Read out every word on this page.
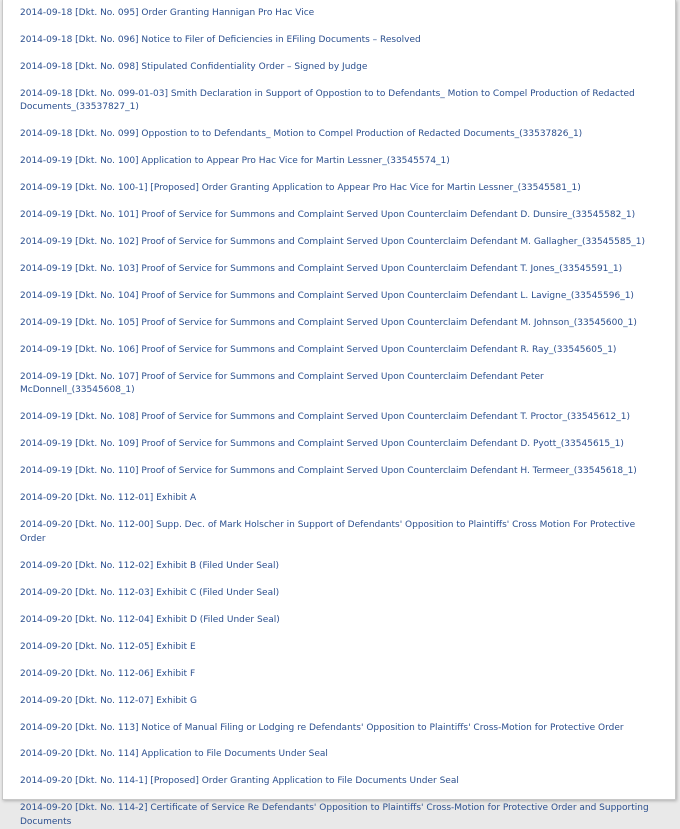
2014-09-18 [Dkt. No. 095] Order Granting Hannigan Pro Hac Vice
2014-09-18 [Dkt. No. 096] Notice to Filer of Deficiencies in EFiling Documents – Resolved
2014-09-18 [Dkt. No. 098] Stipulated Confidentiality Order – Signed by Judge
2014-09-18 [Dkt. No. 099-01-03] Smith Declaration in Support of Oppostion to to Defendants_ Motion to Compel Production of Redacted Documents_(33537827_1)
2014-09-18 [Dkt. No. 099] Oppostion to to Defendants_ Motion to Compel Production of Redacted Documents_(33537826_1)
2014-09-19 [Dkt. No. 100] Application to Appear Pro Hac Vice for Martin Lessner_(33545574_1)
2014-09-19 [Dkt. No. 100-1] [Proposed] Order Granting Application to Appear Pro Hac Vice for Martin Lessner_(33545581_1)
2014-09-19 [Dkt. No. 101] Proof of Service for Summons and Complaint Served Upon Counterclaim Defendant D. Dunsire_(33545582_1)
2014-09-19 [Dkt. No. 102] Proof of Service for Summons and Complaint Served Upon Counterclaim Defendant M. Gallagher_(33545585_1)
2014-09-19 [Dkt. No. 103] Proof of Service for Summons and Complaint Served Upon Counterclaim Defendant T. Jones_(33545591_1)
2014-09-19 [Dkt. No. 104] Proof of Service for Summons and Complaint Served Upon Counterclaim Defendant L. Lavigne_(33545596_1)
2014-09-19 [Dkt. No. 105] Proof of Service for Summons and Complaint Served Upon Counterclaim Defendant M. Johnson_(33545600_1)
2014-09-19 [Dkt. No. 106] Proof of Service for Summons and Complaint Served Upon Counterclaim Defendant R. Ray_(33545605_1)
2014-09-19 [Dkt. No. 107] Proof of Service for Summons and Complaint Served Upon Counterclaim Defendant Peter McDonnell_(33545608_1)
2014-09-19 [Dkt. No. 108] Proof of Service for Summons and Complaint Served Upon Counterclaim Defendant T. Proctor_(33545612_1)
2014-09-19 [Dkt. No. 109] Proof of Service for Summons and Complaint Served Upon Counterclaim Defendant D. Pyott_(33545615_1)
2014-09-19 [Dkt. No. 110] Proof of Service for Summons and Complaint Served Upon Counterclaim Defendant H. Termeer_(33545618_1)
2014-09-20 [Dkt. No. 112-01] Exhibit A
2014-09-20 [Dkt. No. 112-00] Supp. Dec. of Mark Holscher in Support of Defendants' Opposition to Plaintiffs' Cross Motion For Protective Order
2014-09-20 [Dkt. No. 112-02] Exhibit B (Filed Under Seal)
2014-09-20 [Dkt. No. 112-03] Exhibit C (Filed Under Seal)
2014-09-20 [Dkt. No. 112-04] Exhibit D (Filed Under Seal)
2014-09-20 [Dkt. No. 112-05] Exhibit E
2014-09-20 [Dkt. No. 112-06] Exhibit F
2014-09-20 [Dkt. No. 112-07] Exhibit G
2014-09-20 [Dkt. No. 113] Notice of Manual Filing or Lodging re Defendants' Opposition to Plaintiffs' Cross-Motion for Protective Order
2014-09-20 [Dkt. No. 114] Application to File Documents Under Seal
2014-09-20 [Dkt. No. 114-1] [Proposed] Order Granting Application to File Documents Under Seal
2014-09-20 [Dkt. No. 114-2] Certificate of Service Re Defendants' Opposition to Plaintiffs' Cross-Motion for Protective Order and Supporting Documents
